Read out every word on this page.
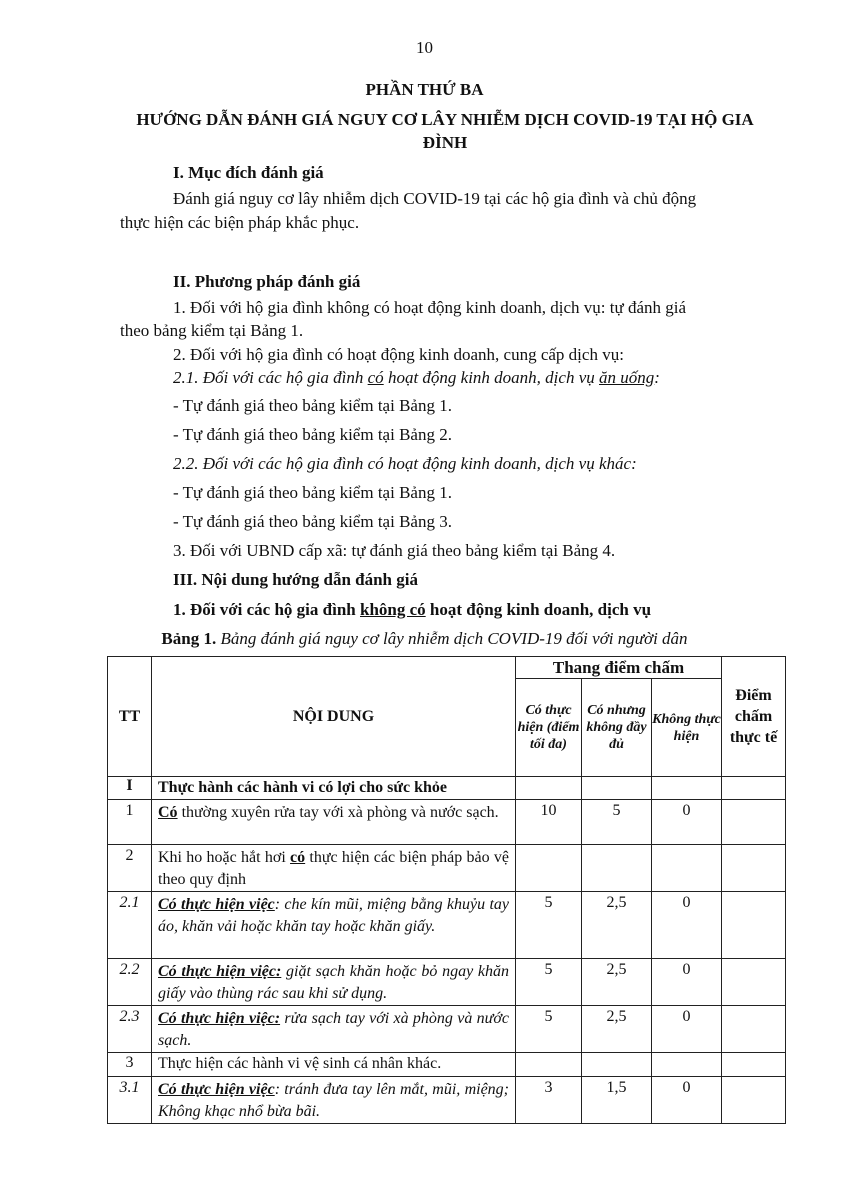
10
PHẦN THỨ BA
HƯỚNG DẪN ĐÁNH GIÁ NGUY CƠ LÂY NHIỄM DỊCH COVID-19 TẠI HỘ GIA ĐÌNH
I. Mục đích đánh giá
Đánh giá nguy cơ lây nhiễm dịch COVID-19 tại các hộ gia đình và chủ động
thực hiện các biện pháp khắc phục.
II. Phương pháp đánh giá
1. Đối với hộ gia đình không có hoạt động kinh doanh, dịch vụ: tự đánh giá
theo bảng kiểm tại Bảng 1.
2. Đối với hộ gia đình có hoạt động kinh doanh, cung cấp dịch vụ:
2.1. Đối với các hộ gia đình có hoạt động kinh doanh, dịch vụ ăn uống:
- Tự đánh giá theo bảng kiểm tại Bảng 1.
- Tự đánh giá theo bảng kiểm tại Bảng 2.
2.2. Đối với các hộ gia đình có hoạt động kinh doanh, dịch vụ khác:
- Tự đánh giá theo bảng kiểm tại Bảng 1.
- Tự đánh giá theo bảng kiểm tại Bảng 3.
3. Đối với UBND cấp xã: tự đánh giá theo bảng kiểm tại Bảng 4.
III. Nội dung hướng dẫn đánh giá
1. Đối với các hộ gia đình không có hoạt động kinh doanh, dịch vụ
Bảng 1. Bảng đánh giá nguy cơ lây nhiễm dịch COVID-19 đối với người dân
TT	NỘI DUNG	Thang điểm chấm			Điểm chấm thực tế
		Có thực hiện (điểm tối đa)	Có nhưng không đầy đủ	Không thực hiện	
I	Thực hành các hành vi có lợi cho sức khỏe				
1	Có thường xuyên rửa tay với xà phòng và nước sạch.	10	5	0	
2	Khi ho hoặc hắt hơi có thực hiện các biện pháp bảo vệ theo quy định				
2.1	Có thực hiện việc: che kín mũi, miệng bằng khuỷu tay áo, khăn vải hoặc khăn tay hoặc khăn giấy.	5	2,5	0	
2.2	Có thực hiện việc: giặt sạch khăn hoặc bỏ ngay khăn giấy vào thùng rác sau khi sử dụng.	5	2,5	0	
2.3	Có thực hiện việc: rửa sạch tay với xà phòng và nước sạch.	5	2,5	0	
3	Thực hiện các hành vi vệ sinh cá nhân khác.				
3.1	Có thực hiện việc: tránh đưa tay lên mắt, mũi, miệng; Không khạc nhổ bừa bãi.	3	1,5	0	
